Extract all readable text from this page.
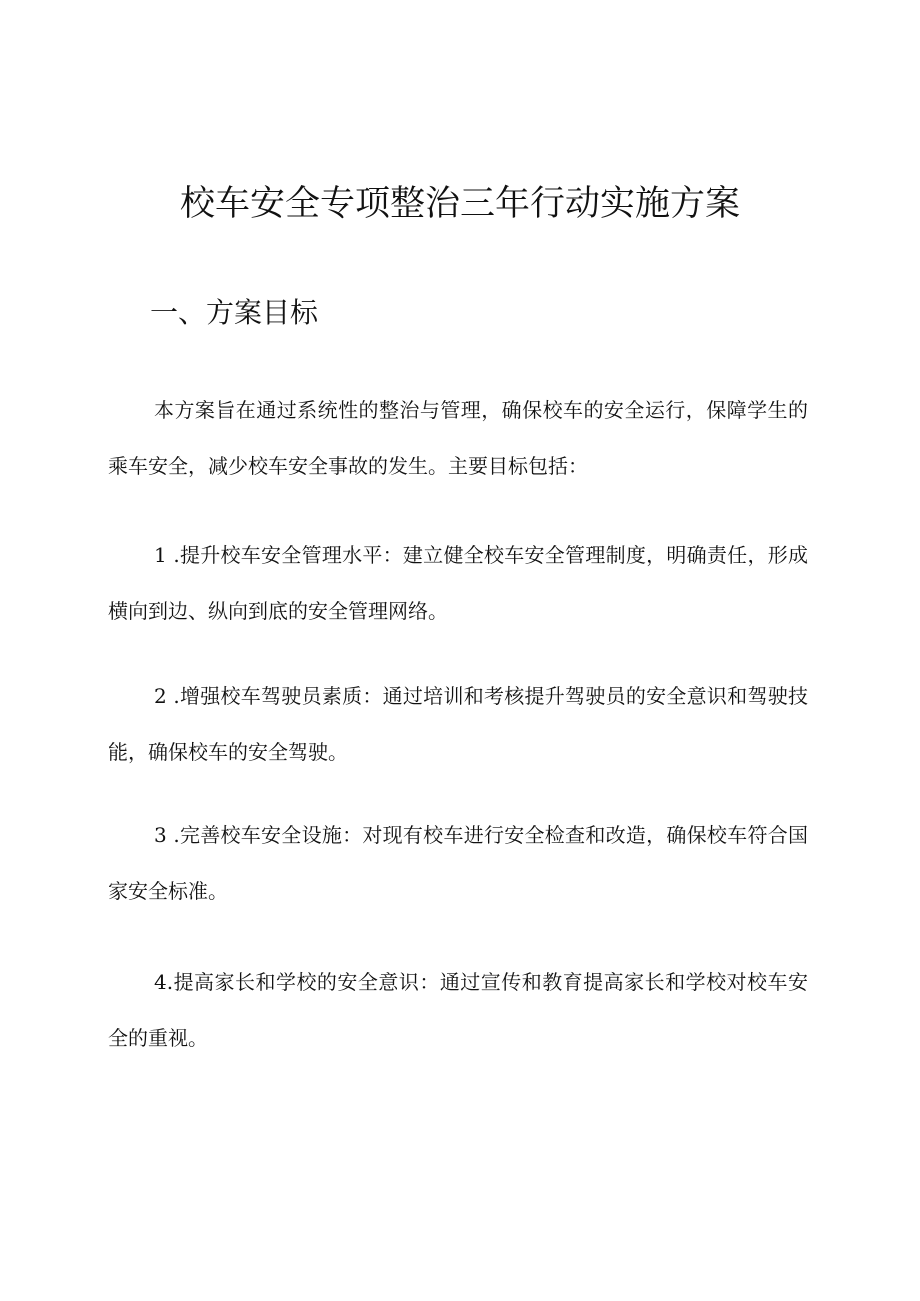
校车安全专项整治三年行动实施方案
一、方案目标

本方案旨在通过系统性的整治与管理，确保校车的安全运行，保障学生的乘车安全，减少校车安全事故的发生。主要目标包括：

1 .提升校车安全管理水平：建立健全校车安全管理制度，明确责任，形成横向到边、纵向到底的安全管理网络。

2 .增强校车驾驶员素质：通过培训和考核提升驾驶员的安全意识和驾驶技能，确保校车的安全驾驶。

3 .完善校车安全设施：对现有校车进行安全检查和改造，确保校车符合国家安全标准。

4.提高家长和学校的安全意识：通过宣传和教育提高家长和学校对校车安全的重视。
